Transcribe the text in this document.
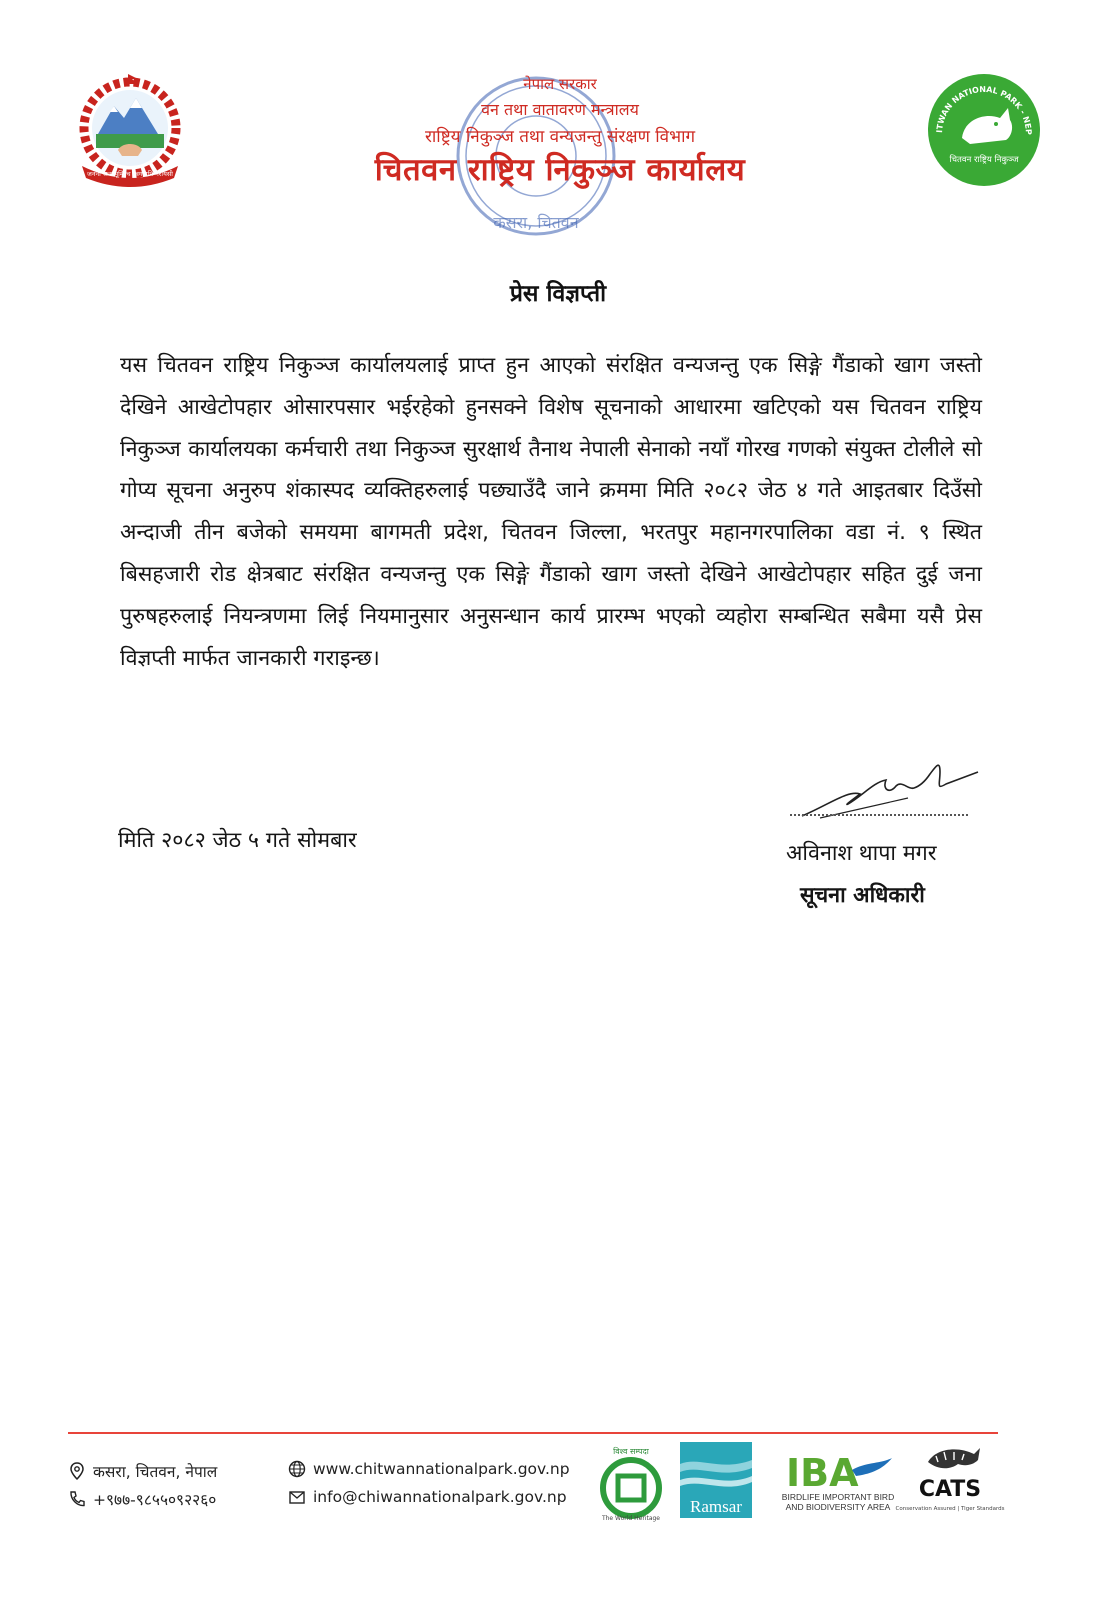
जननी जन्मभूमिश्च स्वर्गादपि गरीयसी
कसरा, चितवन
नेपाल सरकार
वन तथा वातावरण मन्त्रालय
राष्ट्रिय निकुञ्ज तथा वन्यजन्तु संरक्षण विभाग
चितवन राष्ट्रिय निकुञ्ज कार्यालय
ITWAN NATIONAL PARK - NEP
चितवन राष्ट्रिय निकुञ्ज
प्रेस विज्ञप्ती
यस चितवन राष्ट्रिय निकुञ्ज कार्यालयलाई प्राप्त हुन आएको संरक्षित वन्यजन्तु एक सिङ्गे गैंडाको खाग जस्तो देखिने आखेटोपहार ओसारपसार भईरहेको हुनसक्ने विशेष सूचनाको आधारमा खटिएको यस चितवन राष्ट्रिय निकुञ्ज कार्यालयका कर्मचारी तथा निकुञ्ज सुरक्षार्थ तैनाथ नेपाली सेनाको नयाँ गोरख गणको संयुक्त टोलीले सो गोप्य सूचना अनुरुप शंकास्पद व्यक्तिहरुलाई पछ्याउँदै जाने क्रममा मिति २०८२ जेठ ४ गते आइतबार दिउँसो अन्दाजी तीन बजेको समयमा बागमती प्रदेश, चितवन जिल्ला, भरतपुर महानगरपालिका वडा नं. ९ स्थित बिसहजारी रोड क्षेत्रबाट संरक्षित वन्यजन्तु एक सिङ्गे गैंडाको खाग जस्तो देखिने आखेटोपहार सहित दुई जना पुरुषहरुलाई नियन्त्रणमा लिई नियमानुसार अनुसन्धान कार्य प्रारम्भ भएको व्यहोरा सम्बन्धित सबैमा यसै प्रेस विज्ञप्ती मार्फत जानकारी गराइन्छ।
मिति २०८२ जेठ ५ गते सोमबार
अविनाश थापा मगर
सूचना अधिकारी
कसरा, चितवन, नेपाल
+९७७-९८५५०९२२६०
www.chitwannationalpark.gov.np
info@chiwannationalpark.gov.np
विश्व सम्पदा
The World Heritage
Ramsar
IBA
BIRDLIFE IMPORTANT BIRD
AND BIODIVERSITY AREA
CATS
Conservation Assured | Tiger Standards
